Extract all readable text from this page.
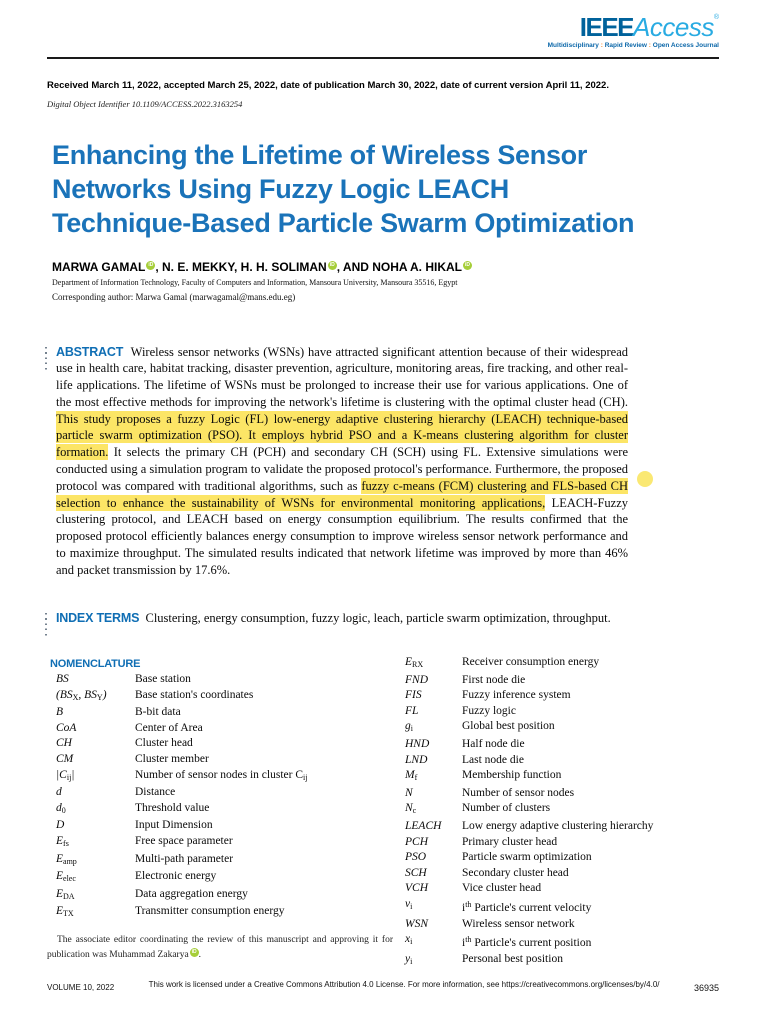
IEEEAccess®
Multidisciplinary : Rapid Review : Open Access Journal
Received March 11, 2022, accepted March 25, 2022, date of publication March 30, 2022, date of current version April 11, 2022.
Digital Object Identifier 10.1109/ACCESS.2022.3163254
Enhancing the Lifetime of Wireless Sensor
Networks Using Fuzzy Logic LEACH
Technique-Based Particle Swarm Optimization
MARWA GAMAL iD , N. E. MEKKY, H. H. SOLIMAN iD , AND NOHA A. HIKAL iD
Department of Information Technology, Faculty of Computers and Information, Mansoura University, Mansoura 35516, Egypt
Corresponding author: Marwa Gamal (marwagamal@mans.edu.eg)

ABSTRACT Wireless sensor networks (WSNs) have attracted significant attention because of their widespread use in health care, habitat tracking, disaster prevention, agriculture, monitoring areas, fire tracking, and other real-life applications. The lifetime of WSNs must be prolonged to increase their use for various applications. One of the most effective methods for improving the network's lifetime is clustering with the optimal cluster head (CH). This study proposes a fuzzy Logic (FL) low-energy adaptive clustering hierarchy (LEACH) technique-based particle swarm optimization (PSO). It employs hybrid PSO and a K-means clustering algorithm for cluster formation. It selects the primary CH (PCH) and secondary CH (SCH) using FL. Extensive simulations were conducted using a simulation program to validate the proposed protocol's performance. Furthermore, the proposed protocol was compared with traditional algorithms, such as fuzzy c-means (FCM) clustering and FLS-based CH selection to enhance the sustainability of WSNs for environmental monitoring applications, LEACH-Fuzzy clustering protocol, and LEACH based on energy consumption equilibrium. The results confirmed that the proposed protocol efficiently balances energy consumption to improve wireless sensor network performance and to maximize throughput. The simulated results indicated that network lifetime was improved by more than 46% and packet transmission by 17.6%.

INDEX TERMS Clustering, energy consumption, fuzzy logic, leach, particle swarm optimization, throughput.

NOMENCLATURE
BS	Base station
($BS_X$, $BS_Y$)	Base station's coordinates
B	B-bit data
CoA	Center of Area
CH	Cluster head
CM	Cluster member
$|C_{ij}|$	Number of sensor nodes in cluster $C_{ij}$
d	Distance
$d_0$	Threshold value
D	Input Dimension
$E_{fs}$	Free space parameter
$E_{amp}$	Multi-path parameter
$E_{elec}$	Electronic energy
$E_{DA}$	Data aggregation energy
$E_{TX}$	Transmitter consumption energy
$E_{RX}$	Receiver consumption energy
FND	First node die
FIS	Fuzzy inference system
FL	Fuzzy logic
$g_i$	Global best position
HND	Half node die
LND	Last node die
$M_f$	Membership function
N	Number of sensor nodes
$N_c$	Number of clusters
LEACH	Low energy adaptive clustering hierarchy
PCH	Primary cluster head
PSO	Particle swarm optimization
SCH	Secondary cluster head
VCH	Vice cluster head
$v_i$	$i^{th}$ Particle's current velocity
WSN	Wireless sensor network
$x_i$	$i^{th}$ Particle's current position
$y_i$	Personal best position
The associate editor coordinating the review of this manuscript and approving it for publication was Muhammad Zakarya iD .
VOLUME 10, 2022	This work is licensed under a Creative Commons Attribution 4.0 License. For more information, see https://creativecommons.org/licenses/by/4.0/	36935
